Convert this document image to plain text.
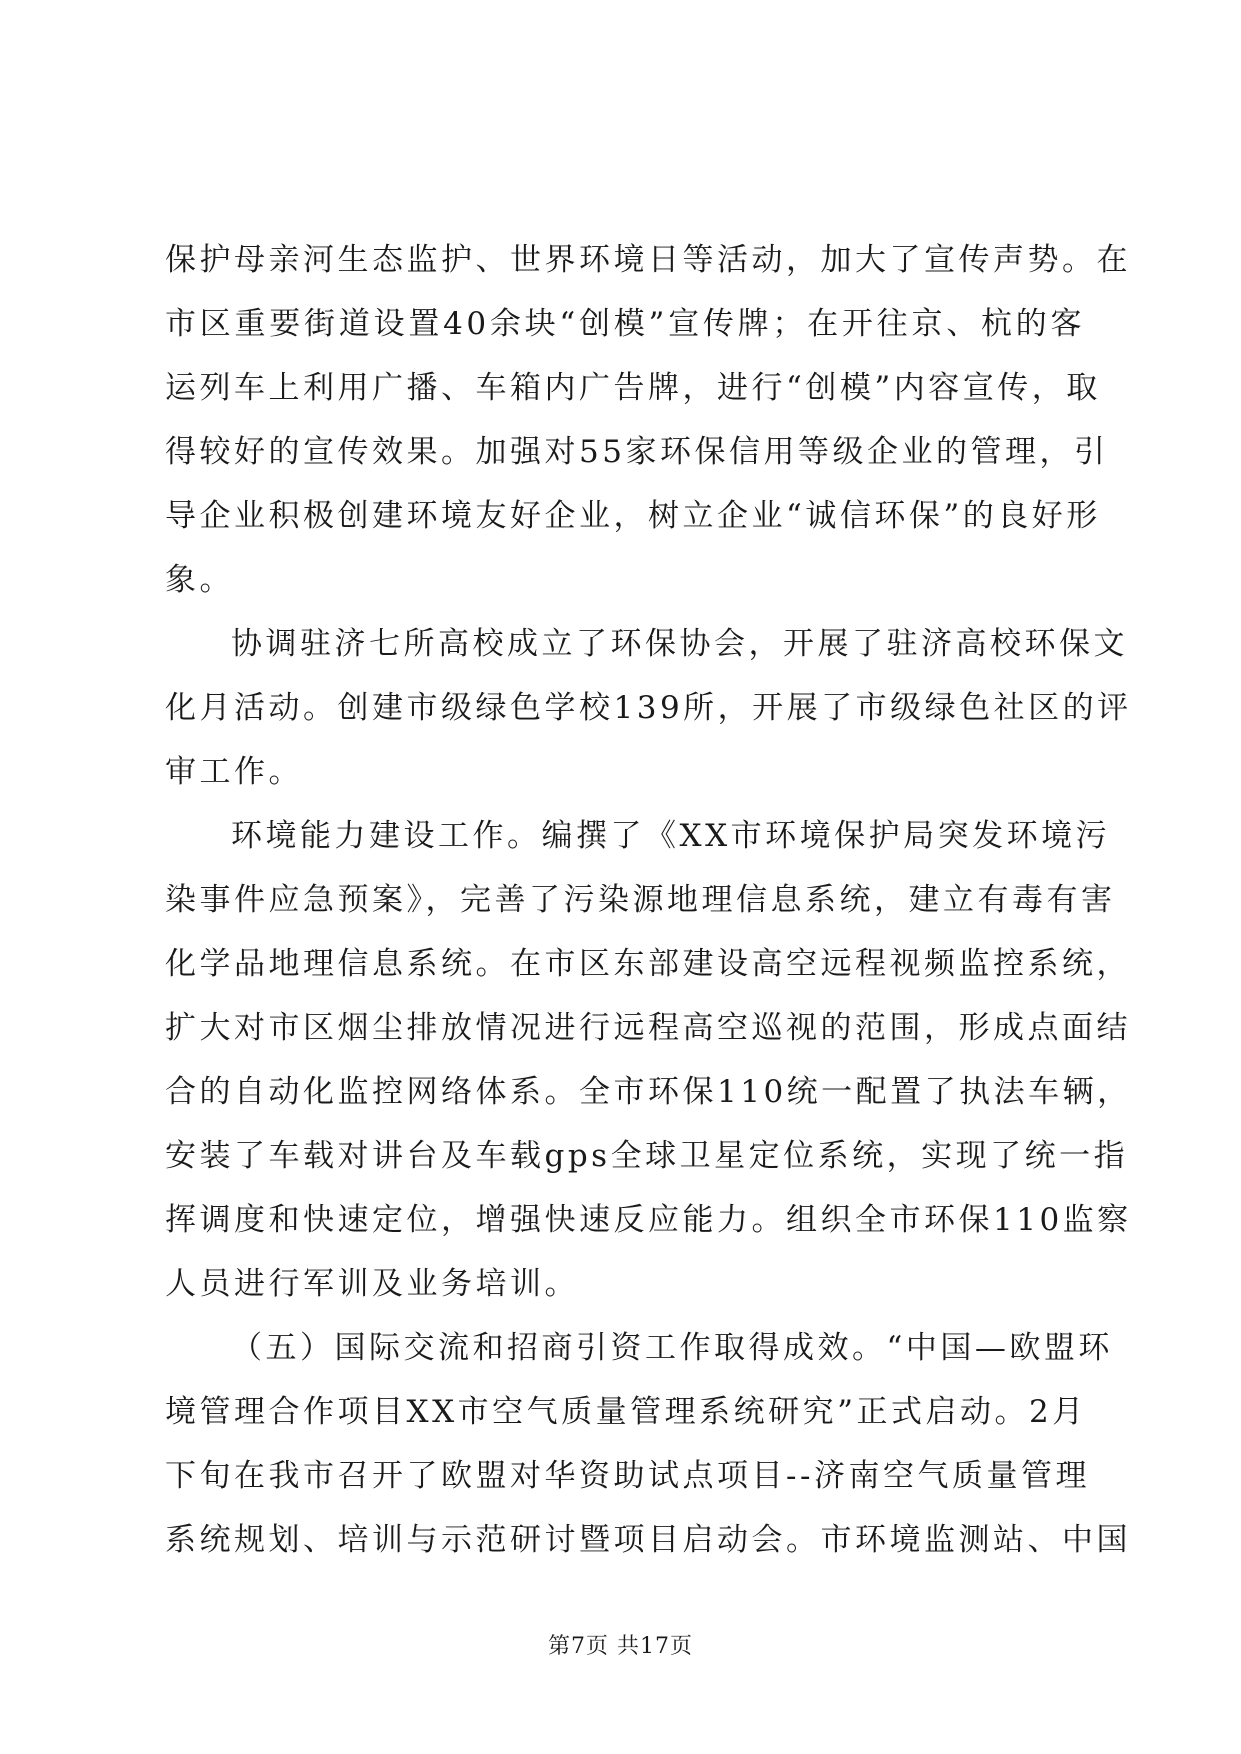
保护母亲河生态监护、世界环境日等活动，加大了宣传声势。在
市区重要街道设置40余块“创模”宣传牌；在开往京、杭的客
运列车上利用广播、车箱内广告牌，进行“创模”内容宣传，取
得较好的宣传效果。加强对55家环保信用等级企业的管理，引
导企业积极创建环境友好企业，树立企业“诚信环保”的良好形
象。
协调驻济七所高校成立了环保协会，开展了驻济高校环保文
化月活动。创建市级绿色学校139所，开展了市级绿色社区的评
审工作。
环境能力建设工作。编撰了《XX市环境保护局突发环境污
染事件应急预案》，完善了污染源地理信息系统，建立有毒有害
化学品地理信息系统。在市区东部建设高空远程视频监控系统，
扩大对市区烟尘排放情况进行远程高空巡视的范围，形成点面结
合的自动化监控网络体系。全市环保110统一配置了执法车辆，
安装了车载对讲台及车载gps全球卫星定位系统，实现了统一指
挥调度和快速定位，增强快速反应能力。组织全市环保110监察
人员进行军训及业务培训。
（五）国际交流和招商引资工作取得成效。“中国—欧盟环
境管理合作项目XX市空气质量管理系统研究”正式启动。2月
下旬在我市召开了欧盟对华资助试点项目--济南空气质量管理
系统规划、培训与示范研讨暨项目启动会。市环境监测站、中国
第7页 共17页
